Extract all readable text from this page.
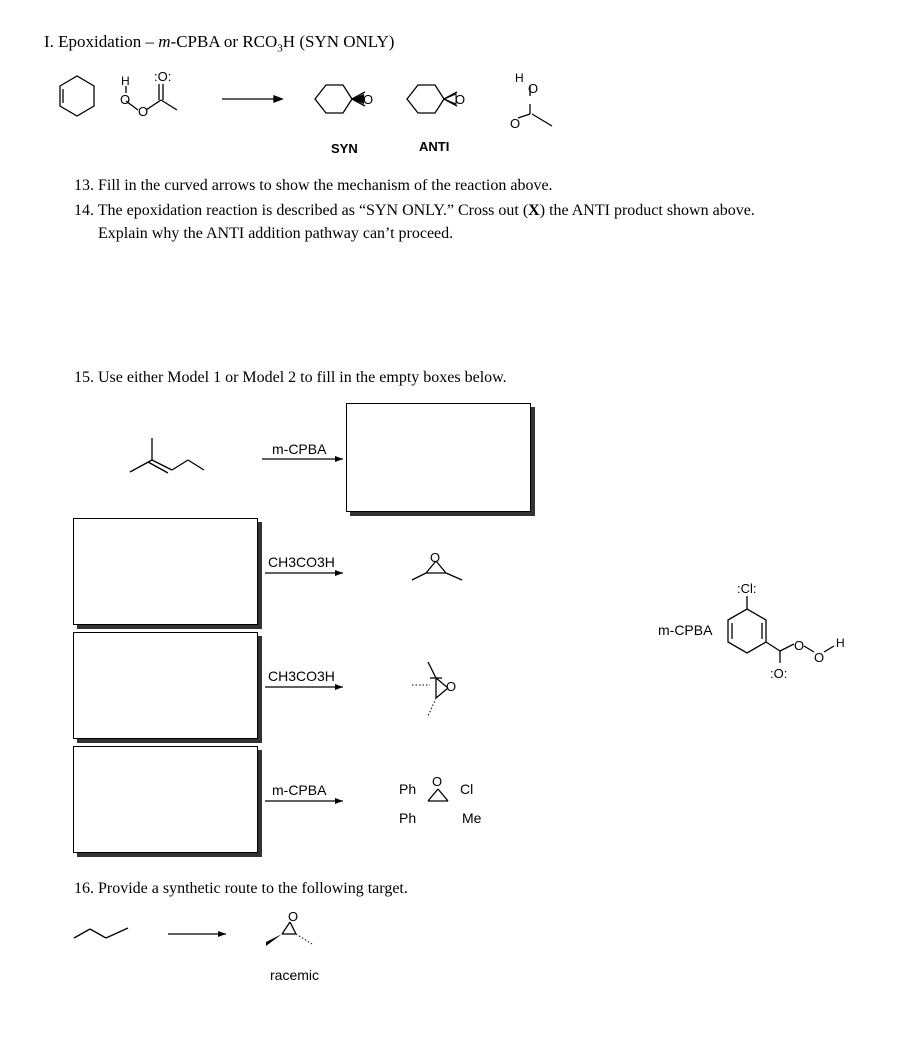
I. Epoxidation – m-CPBA or $RCO_3H$ (SYN ONLY)
H :O:
O
O
O	O
H
O
O
SYN	ANTI
13. Fill in the curved arrows to show the mechanism of the reaction above.
14. The epoxidation reaction is described as “SYN ONLY.” Cross out (X) the ANTI product shown above.
Explain why the ANTI addition pathway can’t proceed.
15. Use either Model 1 or Model 2 to fill in the empty boxes below.
O
O
O
m-CPBA
CH3CO3H
CH3CO3H
m-CPBA	Ph
Ph
Cl
Me
:Cl:
O
O
H
:O:
m-CPBA
16. Provide a synthetic route to the following target.
O
racemic
